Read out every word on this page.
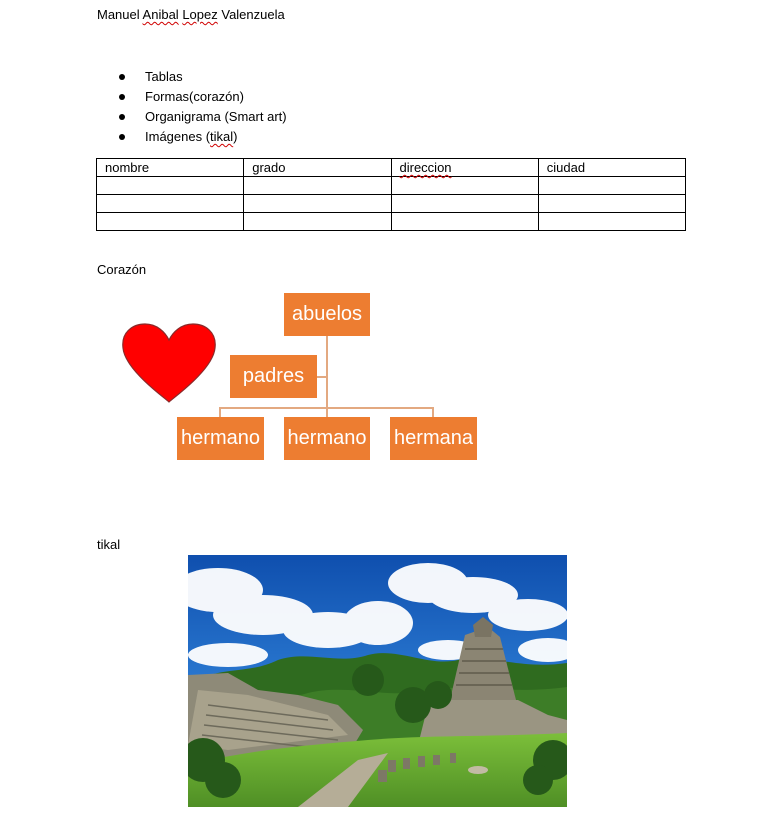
Manuel Anibal Lopez Valenzuela
Tablas
Formas(corazón)
Organigrama (Smart art)
Imágenes (tikal)
nombre	grado	direccion	ciudad

Corazón
abuelos
padres
hermano hermano hermana
tikal
